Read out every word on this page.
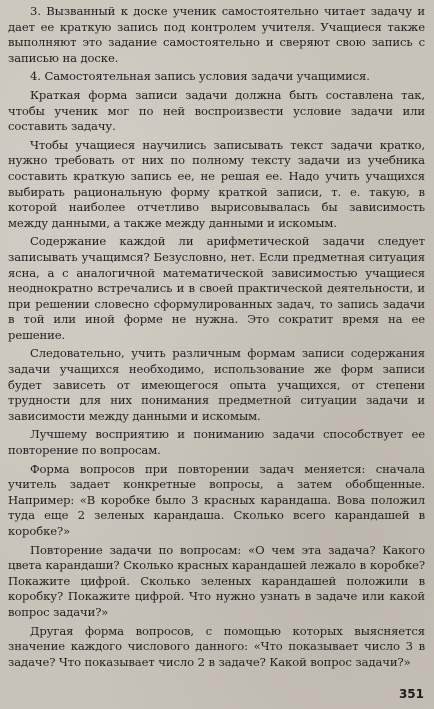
3. Вызванный к доске ученик самостоятельно читает задачу и дает ее краткую запись под контролем учителя. Учащиеся также выполняют это задание самостоятельно и сверяют свою запись с записью на доске.

4. Самостоятельная запись условия задачи учащимися.

Краткая форма записи задачи должна быть составлена так, чтобы ученик мог по ней воспроизвести условие задачи или составить задачу.

Чтобы учащиеся научились записывать текст задачи кратко, нужно требовать от них по полному тексту задачи из учебника составить краткую запись ее, не решая ее. Надо учить учащихся выбирать рациональную форму краткой записи, т. е. такую, в которой наиболее отчетливо вырисовывалась бы зависимость между данными, а также между данными и искомым.

Содержание каждой ли арифметической задачи следует записывать учащимся? Безусловно, нет. Если предметная ситуация ясна, а с аналогичной математической зависимостью учащиеся неоднократно встречались и в своей практической деятельности, и при решении словесно сформулированных задач, то запись задачи в той или иной форме не нужна. Это сократит время на ее решение.

Следовательно, учить различным формам записи содержания задачи учащихся необходимо, использование же форм записи будет зависеть от имеющегося опыта учащихся, от степени трудности для них понимания предметной ситуации задачи и зависимости между данными и искомым.

Лучшему восприятию и пониманию задачи способствует ее повторение по вопросам.

Форма вопросов при повторении задач меняется: сначала учитель задает конкретные вопросы, а затем обобщенные. Например: «В коробке было 3 красных карандаша. Вова положил туда еще 2 зеленых карандаша. Сколько всего карандашей в коробке?»

Повторение задачи по вопросам: «О чем эта задача? Какого цвета карандаши? Сколько красных карандашей лежало в коробке? Покажите цифрой. Сколько зеленых карандашей положили в коробку? Покажите цифрой. Что нужно узнать в задаче или какой вопрос задачи?»

Другая форма вопросов, с помощью которых выясняется значение каждого числового данного: «Что показывает число 3 в задаче? Что показывает число 2 в задаче? Какой вопрос задачи?»

351
